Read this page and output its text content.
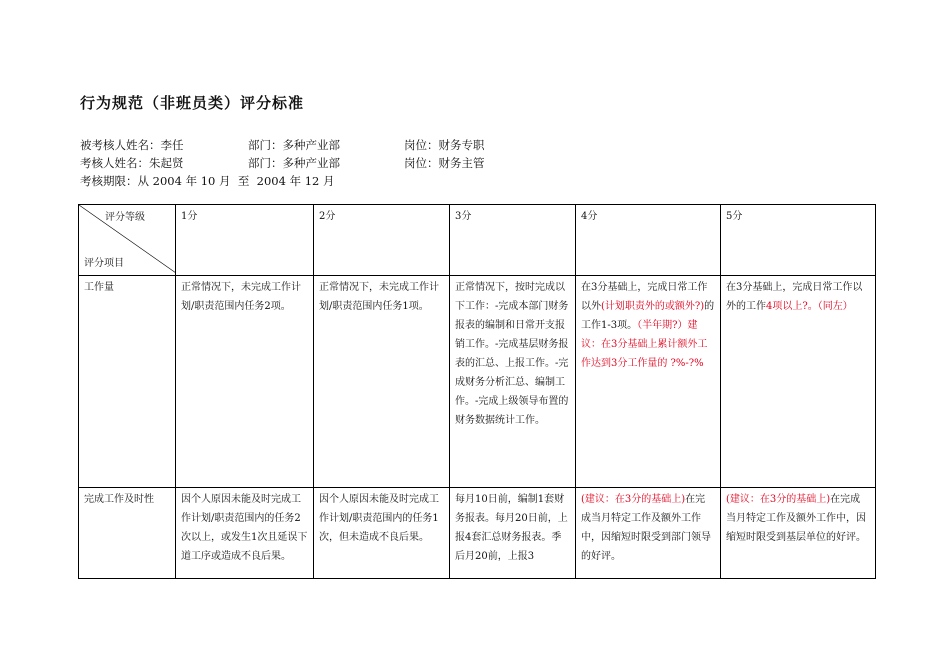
行为规范（非班员类）评分标准
被考核人姓名：李任	部门：多种产业部	岗位：财务专职
考核人姓名：朱起贤	部门：多种产业部	岗位：财务主管
考核期限：从 2004 年 10 月  至  2004 年 12 月
评分等级
评分项目	1分	2分	3分	4分	5分
工作量	正常情况下，未完成工作计划/职责范围内任务2项。	正常情况下，未完成工作计划/职责范围内任务1项。	正常情况下，按时完成以下工作：-完成本部门财务报表的编制和日常开支报销工作。-完成基层财务报表的汇总、上报工作。-完成财务分析汇总、编制工作。-完成上级领导布置的财务数据统计工作。	在3分基础上，完成日常工作以外(计划职责外的或额外?)的工作1-3项。（半年期?）建议：在3分基础上累计额外工作达到3分工作量的 ?%-?%	在3分基础上，完成日常工作以外的工作4项以上?。（同左）
完成工作及时性	因个人原因未能及时完成工作计划/职责范围内的任务2次以上，或发生1次且延误下道工序或造成不良后果。	因个人原因未能及时完成工作计划/职责范围内的任务1次，但未造成不良后果。	每月10日前，编制1套财务报表。每月20日前，上报4套汇总财务报表。季后月20前，上报3	(建议：在3分的基础上)在完成当月特定工作及额外工作中，因缩短时限受到部门领导的好评。	(建议：在3分的基础上)在完成当月特定工作及额外工作中，因缩短时限受到基层单位的好评。
